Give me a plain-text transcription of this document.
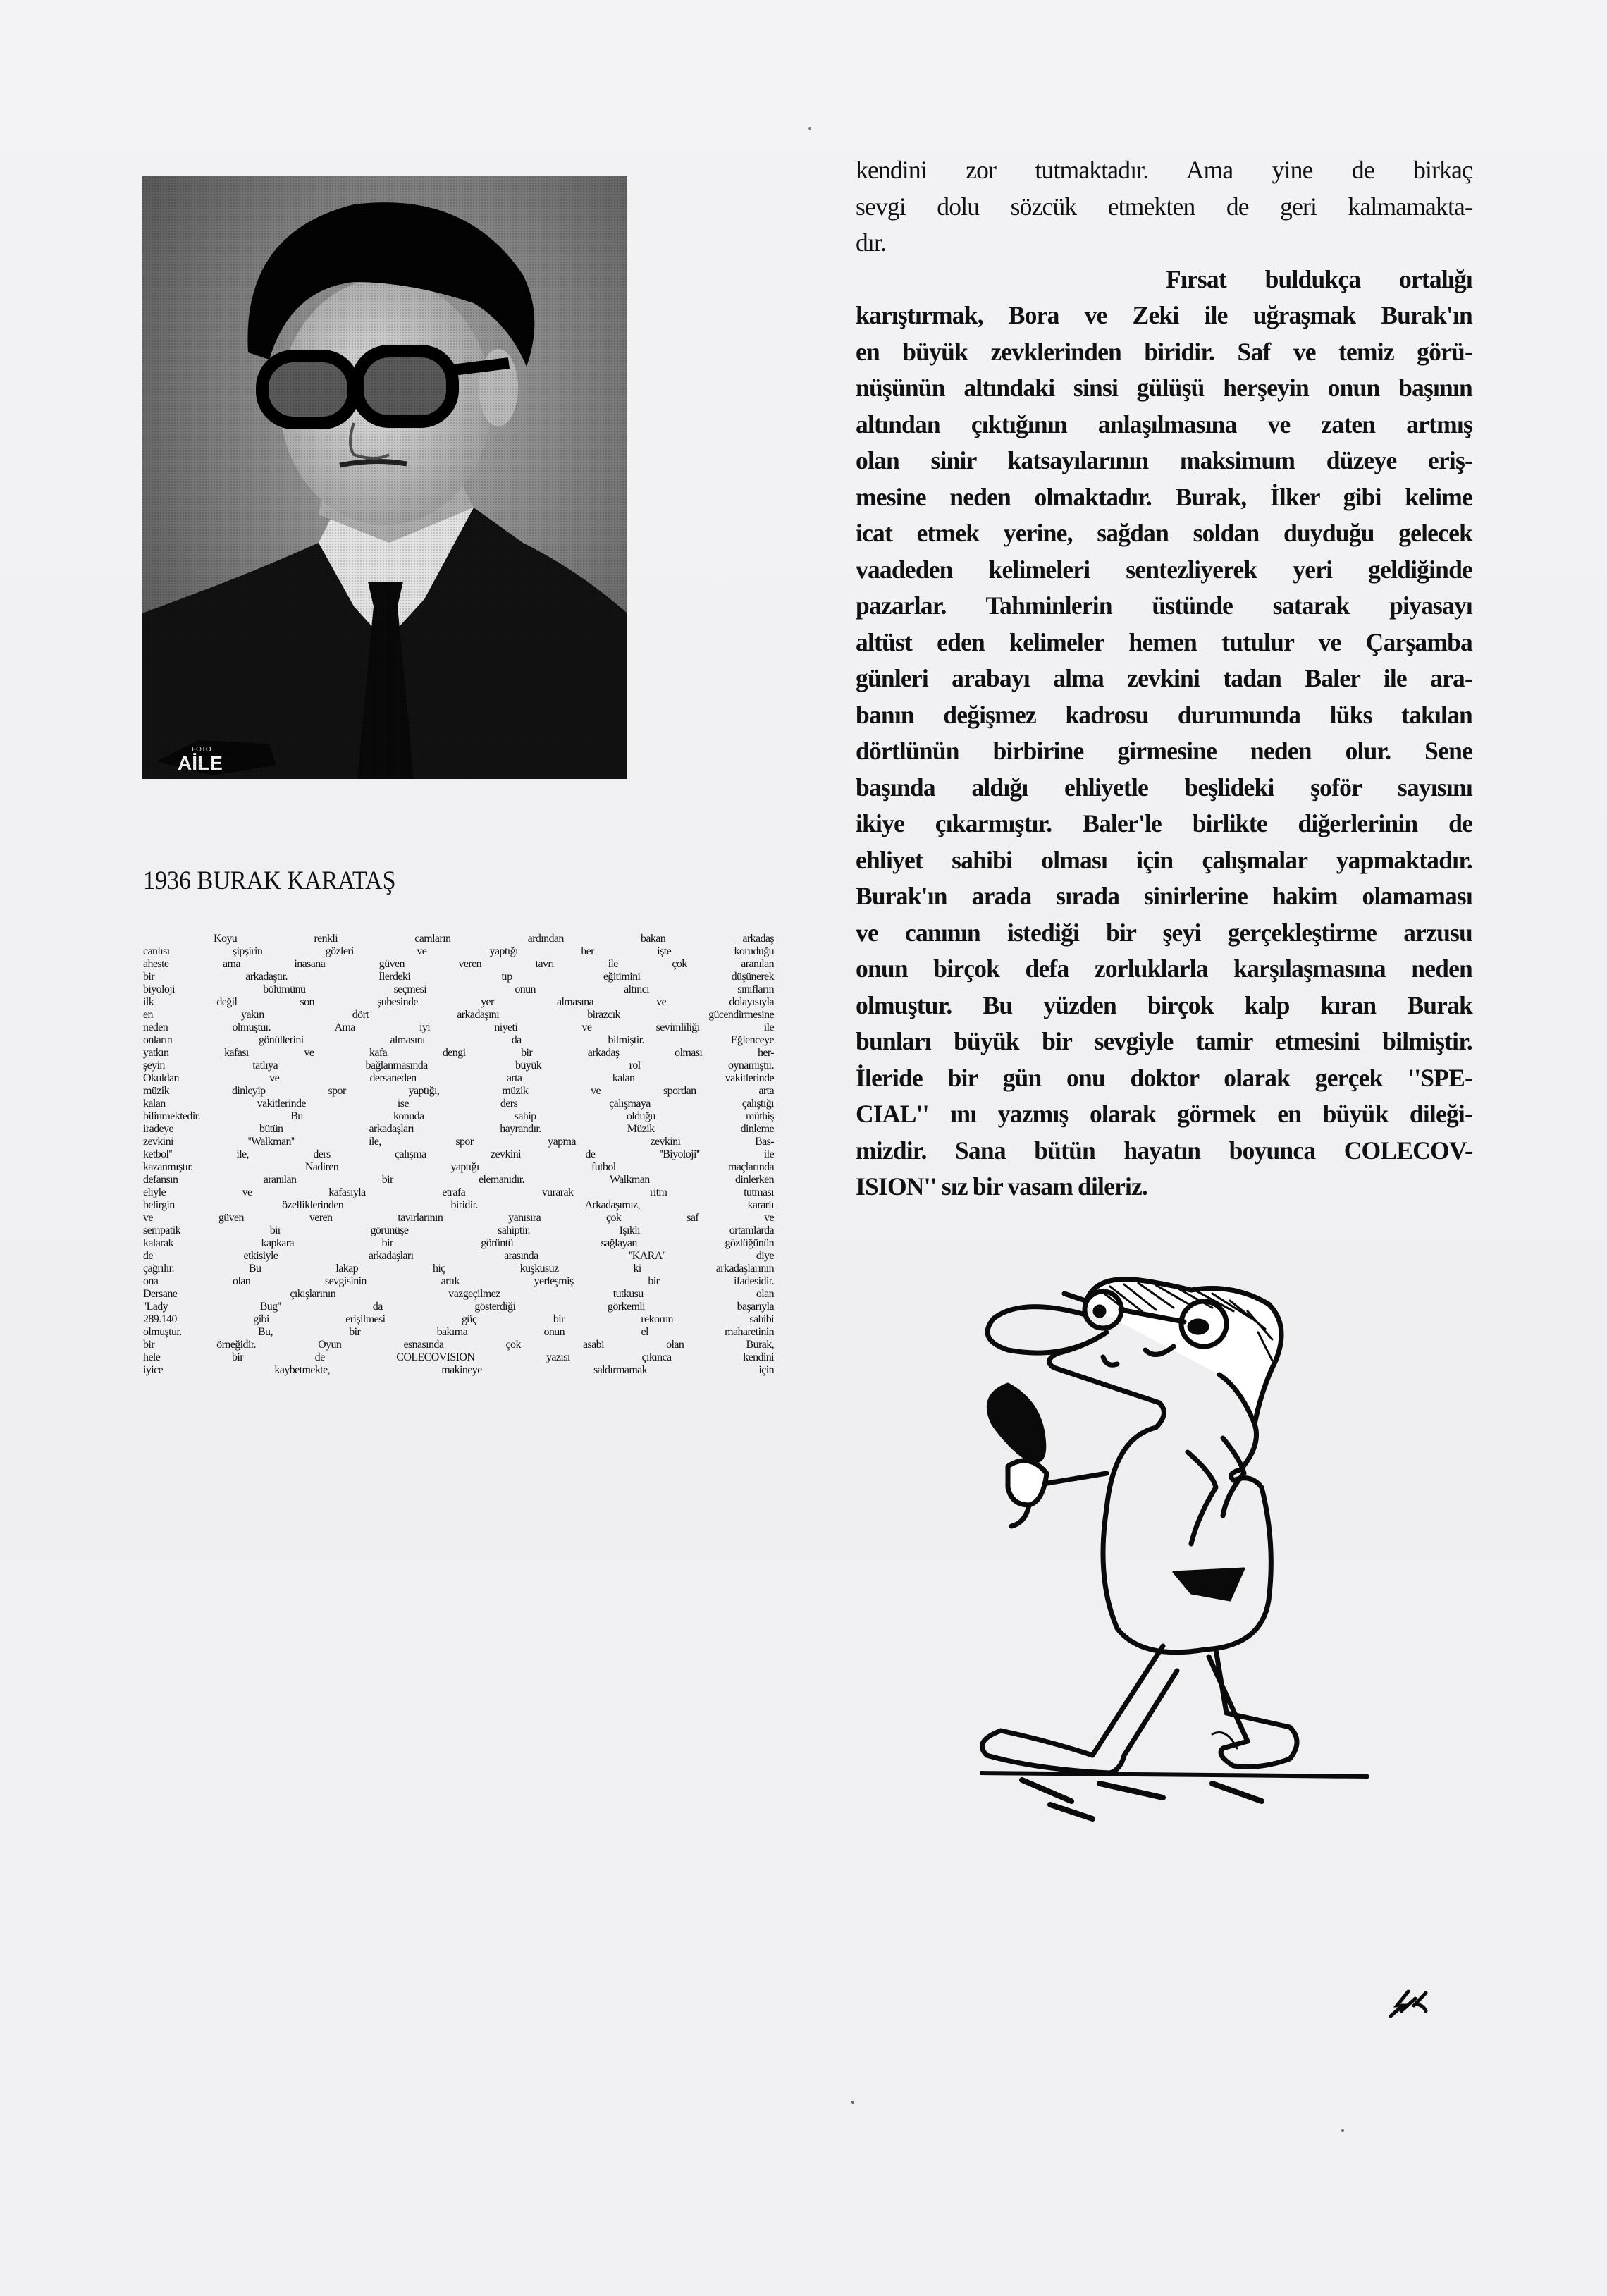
1936 BURAK KARATAŞ
Koyu renkli camların ardından bakan arkadaş
canlısı şipşirin gözleri ve yaptığı her işte koruduğu
aheste ama inasana güven veren tavrı ile çok aranılan
bir arkadaştır. İlerdeki tıp eğitimini düşünerek
biyoloji bölümünü seçmesi onun altıncı sınıfların
ilk değil son şubesinde yer almasına ve dolayısıyla
en yakın dört arkadaşını birazcık gücendirmesine
neden olmuştur. Ama iyi niyeti ve sevimliliği ile
onların gönüllerini almasını da bilmiştir. Eğlenceye
yatkın kafası ve kafa dengi bir arkadaş olması her-
şeyin tatlıya bağlanmasında büyük rol oynamıştır.
Okuldan ve dersaneden arta kalan vakitlerinde
müzik dinleyip spor yaptığı, müzik ve spordan arta
kalan vakitlerinde ise ders çalışmaya çalıştığı
bilinmektedir. Bu konuda sahip olduğu müthiş
iradeye bütün arkadaşları hayrandır. Müzik dinleme
zevkini ''Walkman'' ile, spor yapma zevkini Bas-
ketbol'' ile, ders çalışma zevkini de ''Biyoloji'' ile
kazanmıştır. Nadiren yaptığı futbol maçlarında
defansın aranılan bir elemanıdır. Walkman dinlerken
eliyle ve kafasıyla etrafa vurarak ritm tutması
belirgin özelliklerinden biridir. Arkadaşımız, kararlı
ve güven veren tavırlarının yanısıra çok saf ve
sempatik bir görünüşe sahiptir. Işıklı ortamlarda
kalarak kapkara bir görüntü sağlayan gözlüğünün
de etkisiyle arkadaşları arasında ''KARA'' diye
çağrılır. Bu lakap hiç kuşkusuz ki arkadaşlarının
ona olan sevgisinin artık yerleşmiş bir ifadesidir.
Dersane çıkışlarının vazgeçilmez tutkusu olan
''Lady Bug'' da gösterdiği görkemli başarıyla
289.140 gibi erişilmesi güç bir rekorun sahibi
olmuştur. Bu, bir bakıma onun el maharetinin
bir örneğidir. Oyun esnasında çok asabi olan Burak,
hele bir de COLECOVISION yazısı çıkınca kendini
iyice kaybetmekte, makineye saldırmamak için
kendini zor tutmaktadır. Ama yine de birkaç
sevgi dolu sözcük etmekten de geri kalmamakta-
dır.
Fırsat buldukça ortalığı
karıştırmak, Bora ve Zeki ile uğraşmak Burak'ın
en büyük zevklerinden biridir. Saf ve temiz görü-
nüşünün altındaki sinsi gülüşü herşeyin onun başının
altından çıktığının anlaşılmasına ve zaten artmış
olan sinir katsayılarının maksimum düzeye eriş-
mesine neden olmaktadır. Burak, İlker gibi kelime
icat etmek yerine, sağdan soldan duyduğu gelecek
vaadeden kelimeleri sentezliyerek yeri geldiğinde
pazarlar. Tahminlerin üstünde satarak piyasayı
altüst eden kelimeler hemen tutulur ve Çarşamba
günleri arabayı alma zevkini tadan Baler ile ara-
banın değişmez kadrosu durumunda lüks takılan
dörtlünün birbirine girmesine neden olur. Sene
başında aldığı ehliyetle beşlideki şoför sayısını
ikiye çıkarmıştır. Baler'le birlikte diğerlerinin de
ehliyet sahibi olması için çalışmalar yapmaktadır.
Burak'ın arada sırada sinirlerine hakim olamaması
ve canının istediği bir şeyi gerçekleştirme arzusu
onun birçok defa zorluklarla karşılaşmasına neden
olmuştur. Bu yüzden birçok kalp kıran Burak
bunları büyük bir sevgiyle tamir etmesini bilmiştir.
İleride bir gün onu doktor olarak gerçek ''SPE-
CIAL'' ını yazmış olarak görmek en büyük dileği-
mizdir. Sana bütün hayatın boyunca COLECOV-
ISION'' sız bir vasam dileriz.
